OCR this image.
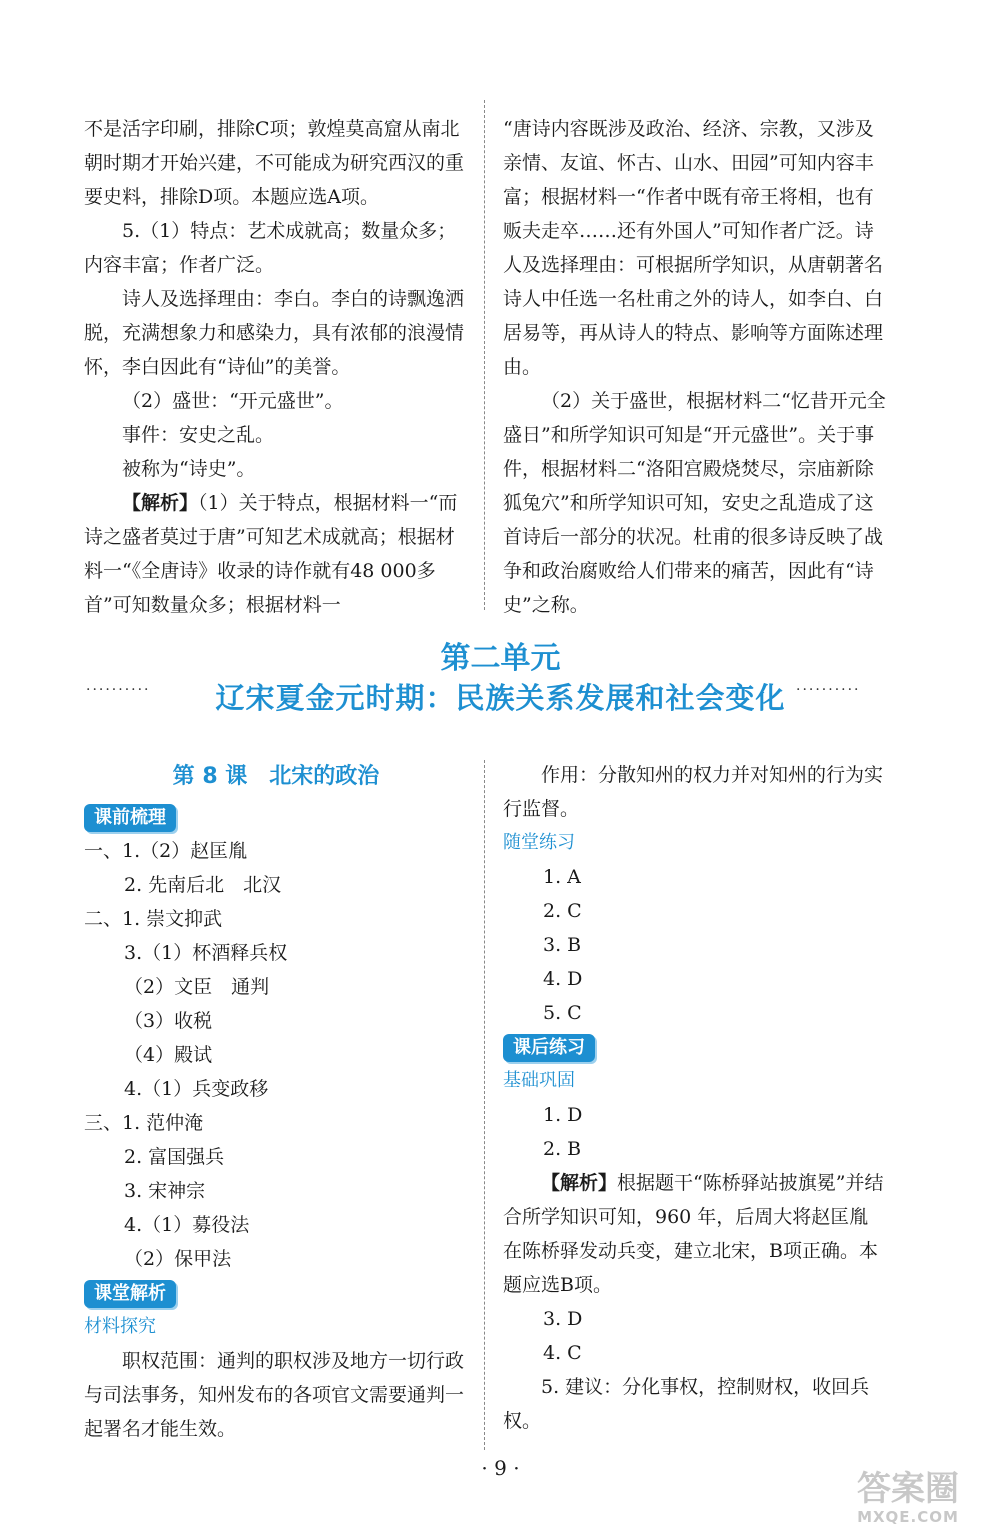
不是活字印刷，排除C项；敦煌莫高窟从南北朝时期才开始兴建，不可能成为研究西汉的重要史料，排除D项。本题应选A项。

5.（1）特点：艺术成就高；数量众多；内容丰富；作者广泛。

诗人及选择理由：李白。李白的诗飘逸洒脱，充满想象力和感染力，具有浓郁的浪漫情怀，李白因此有“诗仙”的美誉。

（2）盛世：“开元盛世”。

事件：安史之乱。

被称为“诗史”。

【解析】（1）关于特点，根据材料一“而诗之盛者莫过于唐”可知艺术成就高；根据材料一“《全唐诗》收录的诗作就有48 000多首”可知数量众多；根据材料一

“唐诗内容既涉及政治、经济、宗教，又涉及亲情、友谊、怀古、山水、田园”可知内容丰富；根据材料一“作者中既有帝王将相，也有贩夫走卒……还有外国人”可知作者广泛。诗人及选择理由：可根据所学知识，从唐朝著名诗人中任选一名杜甫之外的诗人，如李白、白居易等，再从诗人的特点、影响等方面陈述理由。

（2）关于盛世，根据材料二“忆昔开元全盛日”和所学知识可知是“开元盛世”。关于事件，根据材料二“洛阳宫殿烧焚尽，宗庙新除狐兔穴”和所学知识可知，安史之乱造成了这首诗后一部分的状况。杜甫的很多诗反映了战争和政治腐败给人们带来的痛苦，因此有“诗史”之称。

··········	··········
第二单元
辽宋夏金元时期：民族关系发展和社会变化
第 8 课　北宋的政治
课前梳理

一、1.（2）赵匡胤

2. 先南后北　北汉

二、1. 崇文抑武

3.（1）杯酒释兵权

（2）文臣　通判

（3）收税

（4）殿试

4.（1）兵变政移

三、1. 范仲淹

2. 富国强兵

3. 宋神宗

4.（1）募役法

（2）保甲法

课堂解析

材料探究

职权范围：通判的职权涉及地方一切行政与司法事务，知州发布的各项官文需要通判一起署名才能生效。

作用：分散知州的权力并对知州的行为实行监督。

随堂练习

1. A

2. C

3. B

4. D

5. C

课后练习

基础巩固

1. D

2. B

【解析】根据题干“陈桥驿站披旗冕”并结合所学知识可知，960 年，后周大将赵匡胤在陈桥驿发动兵变，建立北宋，B项正确。本题应选B项。

3. D

4. C

5. 建议：分化事权，控制财权，收回兵权。

· 9 ·
答案圈
MXQE.COM
